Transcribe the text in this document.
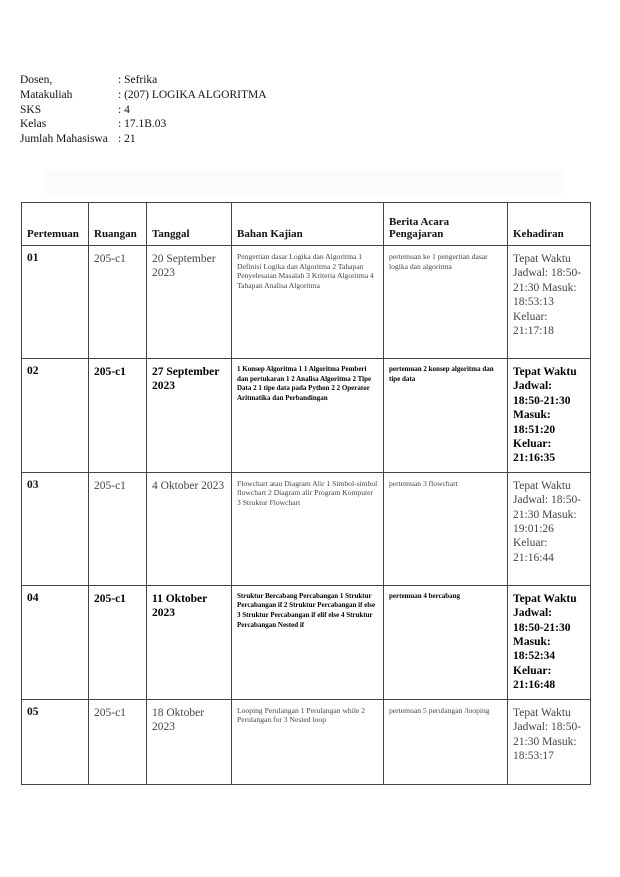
Dosen,	: Sefrika
Matakuliah	: (207) LOGIKA ALGORITMA
SKS	: 4
Kelas	: 17.1B.03
Jumlah Mahasiswa : 21
Pertemuan	Ruangan	Tanggal	Bahan Kajian	Berita Acara Pengajaran	Kehadiran
01	205-c1	20 September 2023	Pengertian dasar Logika dan Algoritma 1 Definisi Logika dan Algoritma 2 Tahapan Penyelesaian Masalah 3 Kriteria Algoritma 4 Tahapan Analisa Algoritma	pertemuan ke 1 pengertian dasar logika dan algoritma	Tepat Waktu Jadwal: 18:50-21:30 Masuk: 18:53:13 Keluar: 21:17:18
02	205-c1	27 September 2023	1 Konsep Algoritma 1 1 Algoritma Pemberi dan pertukaran 1 2 Analisa Algoritma 2 Tipe Data 2 1 tipe data pada Python 2 2 Operator Aritmatika dan Perbandingan	pertemuan 2 konsep algoritma dan tipe data	Tepat Waktu Jadwal: 18:50-21:30 Masuk: 18:51:20 Keluar: 21:16:35
03	205-c1	4 Oktober 2023	Flowchart atau Diagram Alir 1 Simbol-simbol flowchart 2 Diagram alir Program Komputer 3 Struktur Flowchart	pertemuan 3 flowchart	Tepat Waktu Jadwal: 18:50-21:30 Masuk: 19:01:26 Keluar: 21:16:44
04	205-c1	11 Oktober 2023	Struktur Bercabang Percabangan 1 Struktur Percabangan if 2 Struktur Percabangan if else 3 Struktur Percabangan if elif else 4 Struktur Percabangan Nested if	pertemuan 4 bercabang	Tepat Waktu Jadwal: 18:50-21:30 Masuk: 18:52:34 Keluar: 21:16:48
05	205-c1	18 Oktober 2023	Looping Perulangan 1 Perulangan while 2 Perulangan for 3 Nested loop	pertemuan 5 perulangan /looping	Tepat Waktu Jadwal: 18:50-21:30 Masuk: 18:53:17
